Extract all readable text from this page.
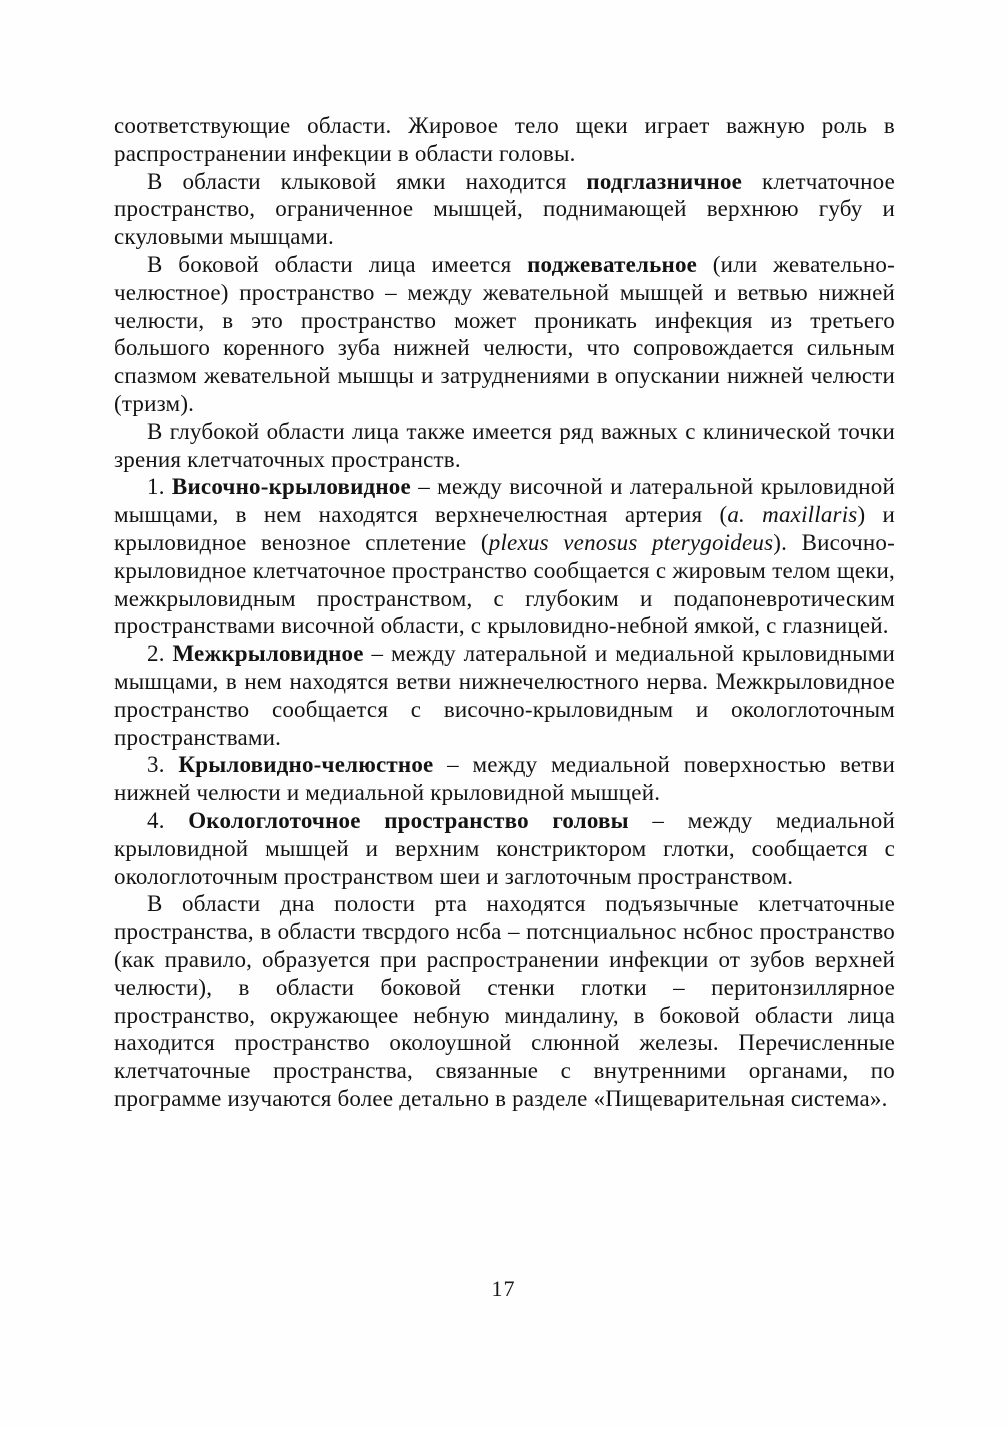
соответствующие области. Жировое тело щеки играет важную роль в распространении инфекции в области головы.

В области клыковой ямки находится подглазничное клетчаточное пространство, ограниченное мышцей, поднимающей верхнюю губу и скуловыми мышцами.

В боковой области лица имеется поджевательное (или жевательно-челюстное) пространство – между жевательной мышцей и ветвью нижней челюсти, в это пространство может проникать инфекция из третьего большого коренного зуба нижней челюсти, что сопровождается сильным спазмом жевательной мышцы и затруднениями в опускании нижней челюсти (тризм).

В глубокой области лица также имеется ряд важных с клинической точки зрения клетчаточных пространств.

1. Височно-крыловидное – между височной и латеральной крыловидной мышцами, в нем находятся верхнечелюстная артерия (a. maxillaris) и крыловидное венозное сплетение (plexus venosus pterygoideus). Височно-крыловидное клетчаточное пространство сообщается с жировым телом щеки, межкрыловидным пространством, с глубоким и подапоневротическим пространствами височной области, с крыловидно-небной ямкой, с глазницей.

2. Межкрыловидное – между латеральной и медиальной крыловидными мышцами, в нем находятся ветви нижнечелюстного нерва. Межкрыловидное пространство сообщается с височно-крыловидным и окологлоточным пространствами.

3. Крыловидно-челюстное – между медиальной поверхностью ветви нижней челюсти и медиальной крыловидной мышцей.

4. Окологлоточное пространство головы – между медиальной крыловидной мышцей и верхним констриктором глотки, сообщается с окологлоточным пространством шеи и заглоточным пространством.

В области дна полости рта находятся подъязычные клетчаточные пространства, в области твсрдого нсба – потснциальнос нсбнос пространство (как правило, образуется при распространении инфекции от зубов верхней челюсти), в области боковой стенки глотки – перитонзиллярное пространство, окружающее небную миндалину, в боковой области лица находится пространство околоушной слюнной железы. Перечисленные клетчаточные пространства, связанные с внутренними органами, по программе изучаются более детально в разделе «Пищеварительная система».

17
